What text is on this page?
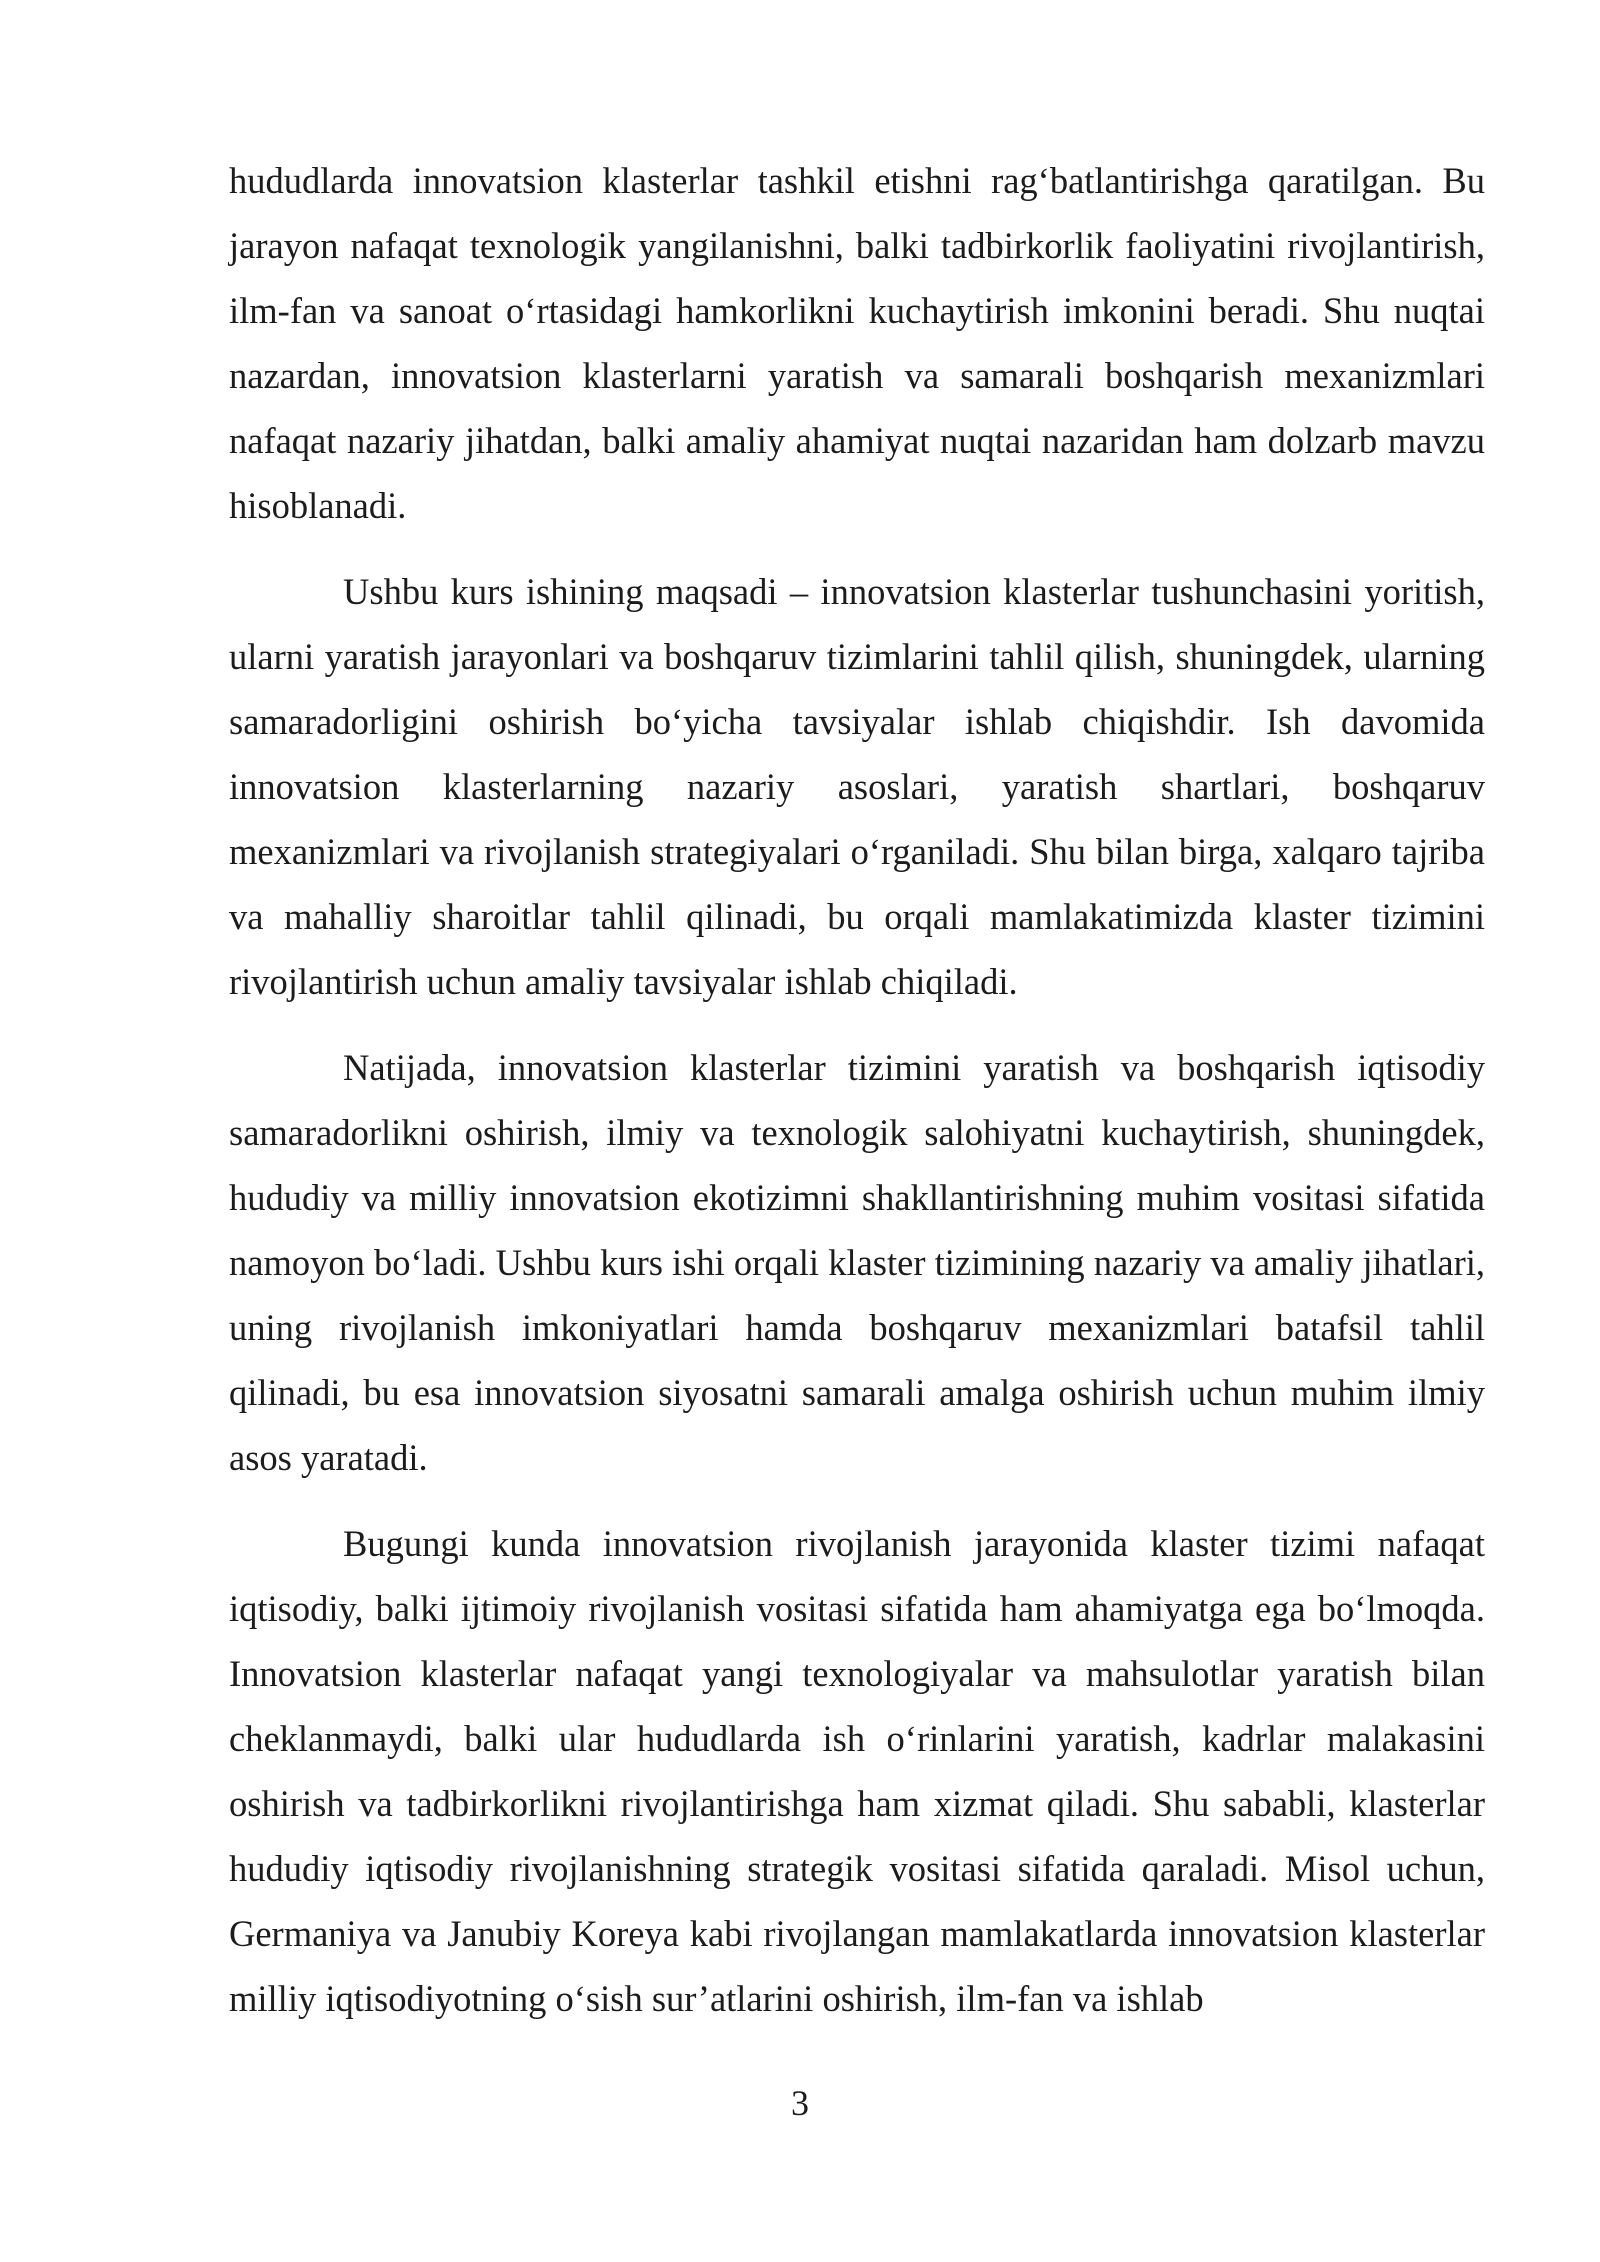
hududlarda innovatsion klasterlar tashkil etishni rag‘batlantirishga qaratilgan. Bu jarayon nafaqat texnologik yangilanishni, balki tadbirkorlik faoliyatini rivojlantirish, ilm-fan va sanoat o‘rtasidagi hamkorlikni kuchaytirish imkonini beradi. Shu nuqtai nazardan, innovatsion klasterlarni yaratish va samarali boshqarish mexanizmlari nafaqat nazariy jihatdan, balki amaliy ahamiyat nuqtai nazaridan ham dolzarb mavzu hisoblanadi.

Ushbu kurs ishining maqsadi – innovatsion klasterlar tushunchasini yoritish, ularni yaratish jarayonlari va boshqaruv tizimlarini tahlil qilish, shuningdek, ularning samaradorligini oshirish bo‘yicha tavsiyalar ishlab chiqishdir. Ish davomida innovatsion klasterlarning nazariy asoslari, yaratish shartlari, boshqaruv mexanizmlari va rivojlanish strategiyalari o‘rganiladi. Shu bilan birga, xalqaro tajriba va mahalliy sharoitlar tahlil qilinadi, bu orqali mamlakatimizda klaster tizimini rivojlantirish uchun amaliy tavsiyalar ishlab chiqiladi.

Natijada, innovatsion klasterlar tizimini yaratish va boshqarish iqtisodiy samaradorlikni oshirish, ilmiy va texnologik salohiyatni kuchaytirish, shuningdek, hududiy va milliy innovatsion ekotizimni shakllantirishning muhim vositasi sifatida namoyon bo‘ladi. Ushbu kurs ishi orqali klaster tizimining nazariy va amaliy jihatlari, uning rivojlanish imkoniyatlari hamda boshqaruv mexanizmlari batafsil tahlil qilinadi, bu esa innovatsion siyosatni samarali amalga oshirish uchun muhim ilmiy asos yaratadi.

Bugungi kunda innovatsion rivojlanish jarayonida klaster tizimi nafaqat iqtisodiy, balki ijtimoiy rivojlanish vositasi sifatida ham ahamiyatga ega bo‘lmoqda. Innovatsion klasterlar nafaqat yangi texnologiyalar va mahsulotlar yaratish bilan cheklanmaydi, balki ular hududlarda ish o‘rinlarini yaratish, kadrlar malakasini oshirish va tadbirkorlikni rivojlantirishga ham xizmat qiladi. Shu sababli, klasterlar hududiy iqtisodiy rivojlanishning strategik vositasi sifatida qaraladi. Misol uchun, Germaniya va Janubiy Koreya kabi rivojlangan mamlakatlarda innovatsion klasterlar milliy iqtisodiyotning o‘sish sur’atlarini oshirish, ilm-fan va ishlab

3
